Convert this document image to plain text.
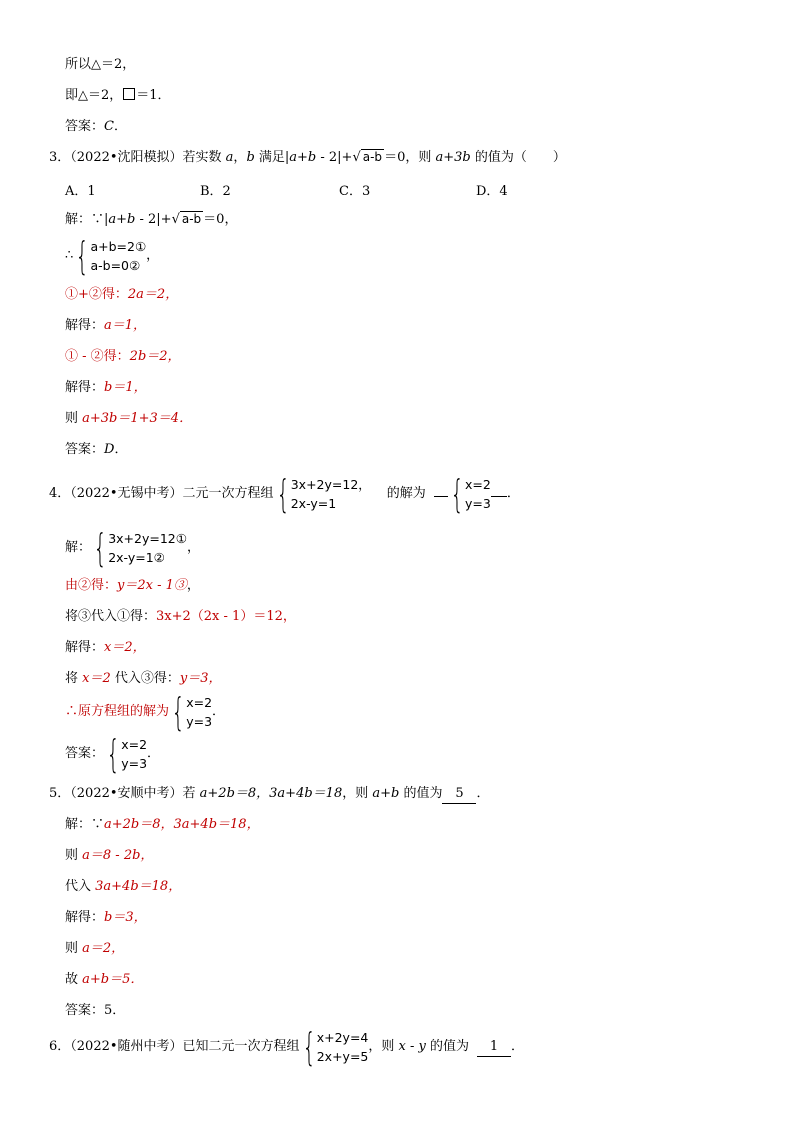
所以△＝2，
即△＝2， ＝1．
答案：C．
3．（2022•沈阳模拟）若实数 a，b 满足|a+b - 2|+√ a-b ＝0，则 a+3b 的值为（　　）
A．1	B．2	C．3	D．4
解：∵|a+b - 2|+√ a-b ＝0，
∴ { a+b=2①
a-b=0②
，
①+②得：2a＝2，
解得：a＝1，
① - ②得：2b＝2，
解得：b＝1，
则 a+3b＝1+3＝4．
答案：D．
4．（2022•无锡中考）二元一次方程组 { 3x+2y=12，
2x-y=1
的解为 { x=2
y=3
．
解： { 3x+2y=12①
2x-y=1②
，
由②得：y＝2x - 1③，
将③代入①得：3x+2（2x - 1）＝12，
解得：x＝2，
将 x＝2 代入③得：y＝3，
∴原方程组的解为 { x=2
y=3
．
答案： { x=2
y=3
．
5．（2022•安顺中考）若 a+2b＝8，3a+4b＝18，则 a+b 的值为 5 ．
解：∵a+2b＝8，3a+4b＝18，
则 a＝8 - 2b，
代入 3a+4b＝18，
解得：b＝3，
则 a＝2，
故 a+b＝5．
答案：5．
6．（2022•随州中考）已知二元一次方程组 { x+2y=4
2x+y=5
，则 x - y 的值为 1 ．
